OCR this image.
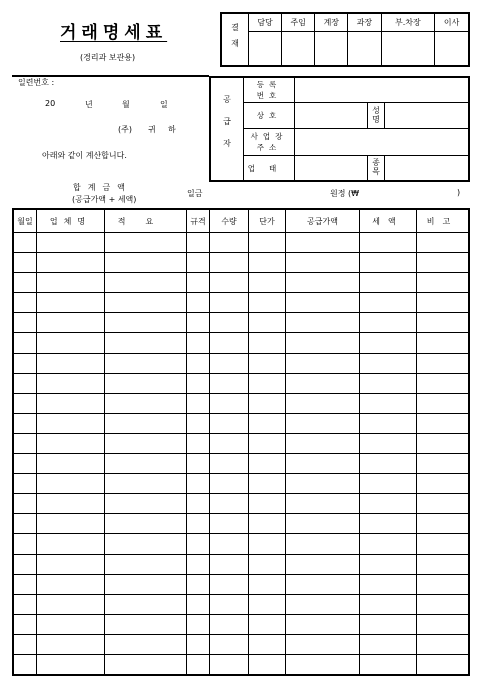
거래명세표
(경리과 보관용)
결재	담당	주임	계장	과장	부.차장	이사

일련번호 :
20	년	월	일
(주) 귀 하
아래와 같이 계산합니다.	공급자	등록번호			

	상호		성명	

	사업장주소			

	업태		종목	
합계금액
(공급가액 + 세액)
일금	원정 (₩	)
월일	업체명	적요	규격	수량	단가	공급가액	세액	비고
